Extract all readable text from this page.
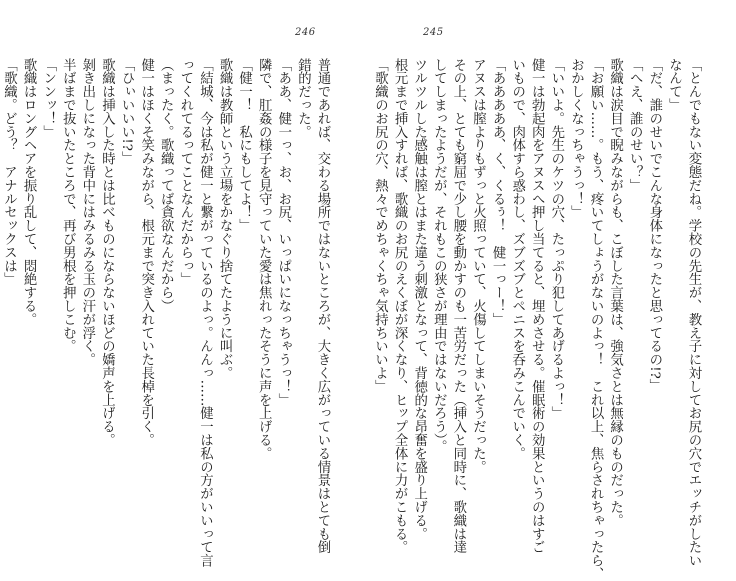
246
普通であれば、交わる場所ではないところが、大きく広がっている情景はとても倒
錯的だった。
「ああ、健一っ、お、お尻、いっぱいになっちゃうっ！」
隣で、肛姦の様子を見守っていた愛は焦れったそうに声を上げる。
「健一！　私にもしてよ！」
歌織は教師という立場をかなぐり捨てたように叫ぶ。
「結城、今は私が健一と繋がっているのよっ。んんっ……健一は私の方がいいって言
ってくれてるってことなんだからっ」
（まったく。歌織ってば貪欲なんだから）
健一はほくそ笑みながら、根元まで突き入れていた長棹を引く。
「ひぃいいい!?」
歌織は挿入した時とは比べものにならないほどの嬌声を上げる。
剝き出しになった背中にはみるみる玉の汗が浮く。
半ばまで抜いたところで、再び男根を押しこむ。
「ンンッ！」
歌織はロングヘアを振り乱して、悶絶する。
「歌織。どう？　アナルセックスは」
245
「とんでもない変態だね。学校の先生が、教え子に対してお尻の穴でエッチがしたい
なんて」
「だ、誰のせいでこんな身体になったと思ってるの!?」
「へえ、誰のせい？」
歌織は涙目で睨みながらも、こぼした言葉は、強気さとは無縁のものだった。
「お願い……。もう、疼いてしょうがないのよっ！　これ以上、焦らされちゃったら、
おかしくなっちゃうっ！」
「いいよ。先生のケツの穴、たっぷり犯してあげるよっ！」
健一は勃起肉をアヌスへ押し当てると、埋めさせる。催眠術の効果というのはすご
いもので、肉体すら惑わし、ズブズブとペニスを呑みこんでいく。
「あああああ、く、くるぅ！　健一っー！」
アヌスは膣よりもずっと火照っていて、火傷してしまいそうだった。
その上、とても窮屈で少し腰を動かすのも一苦労だった（挿入と同時に、歌織は達
してしまったようだが、それもこの狭さが理由ではないだろう）。
ツルツルした感触は膣とはまた違う刺激となって、背徳的な昂奮を盛り上げる。
根元まで挿入すれば、歌織のお尻のえくぼが深くなり、ヒップ全体に力がこもる。
「歌織のお尻の穴、熱々でめちゃくちゃ気持ちいいよ」
